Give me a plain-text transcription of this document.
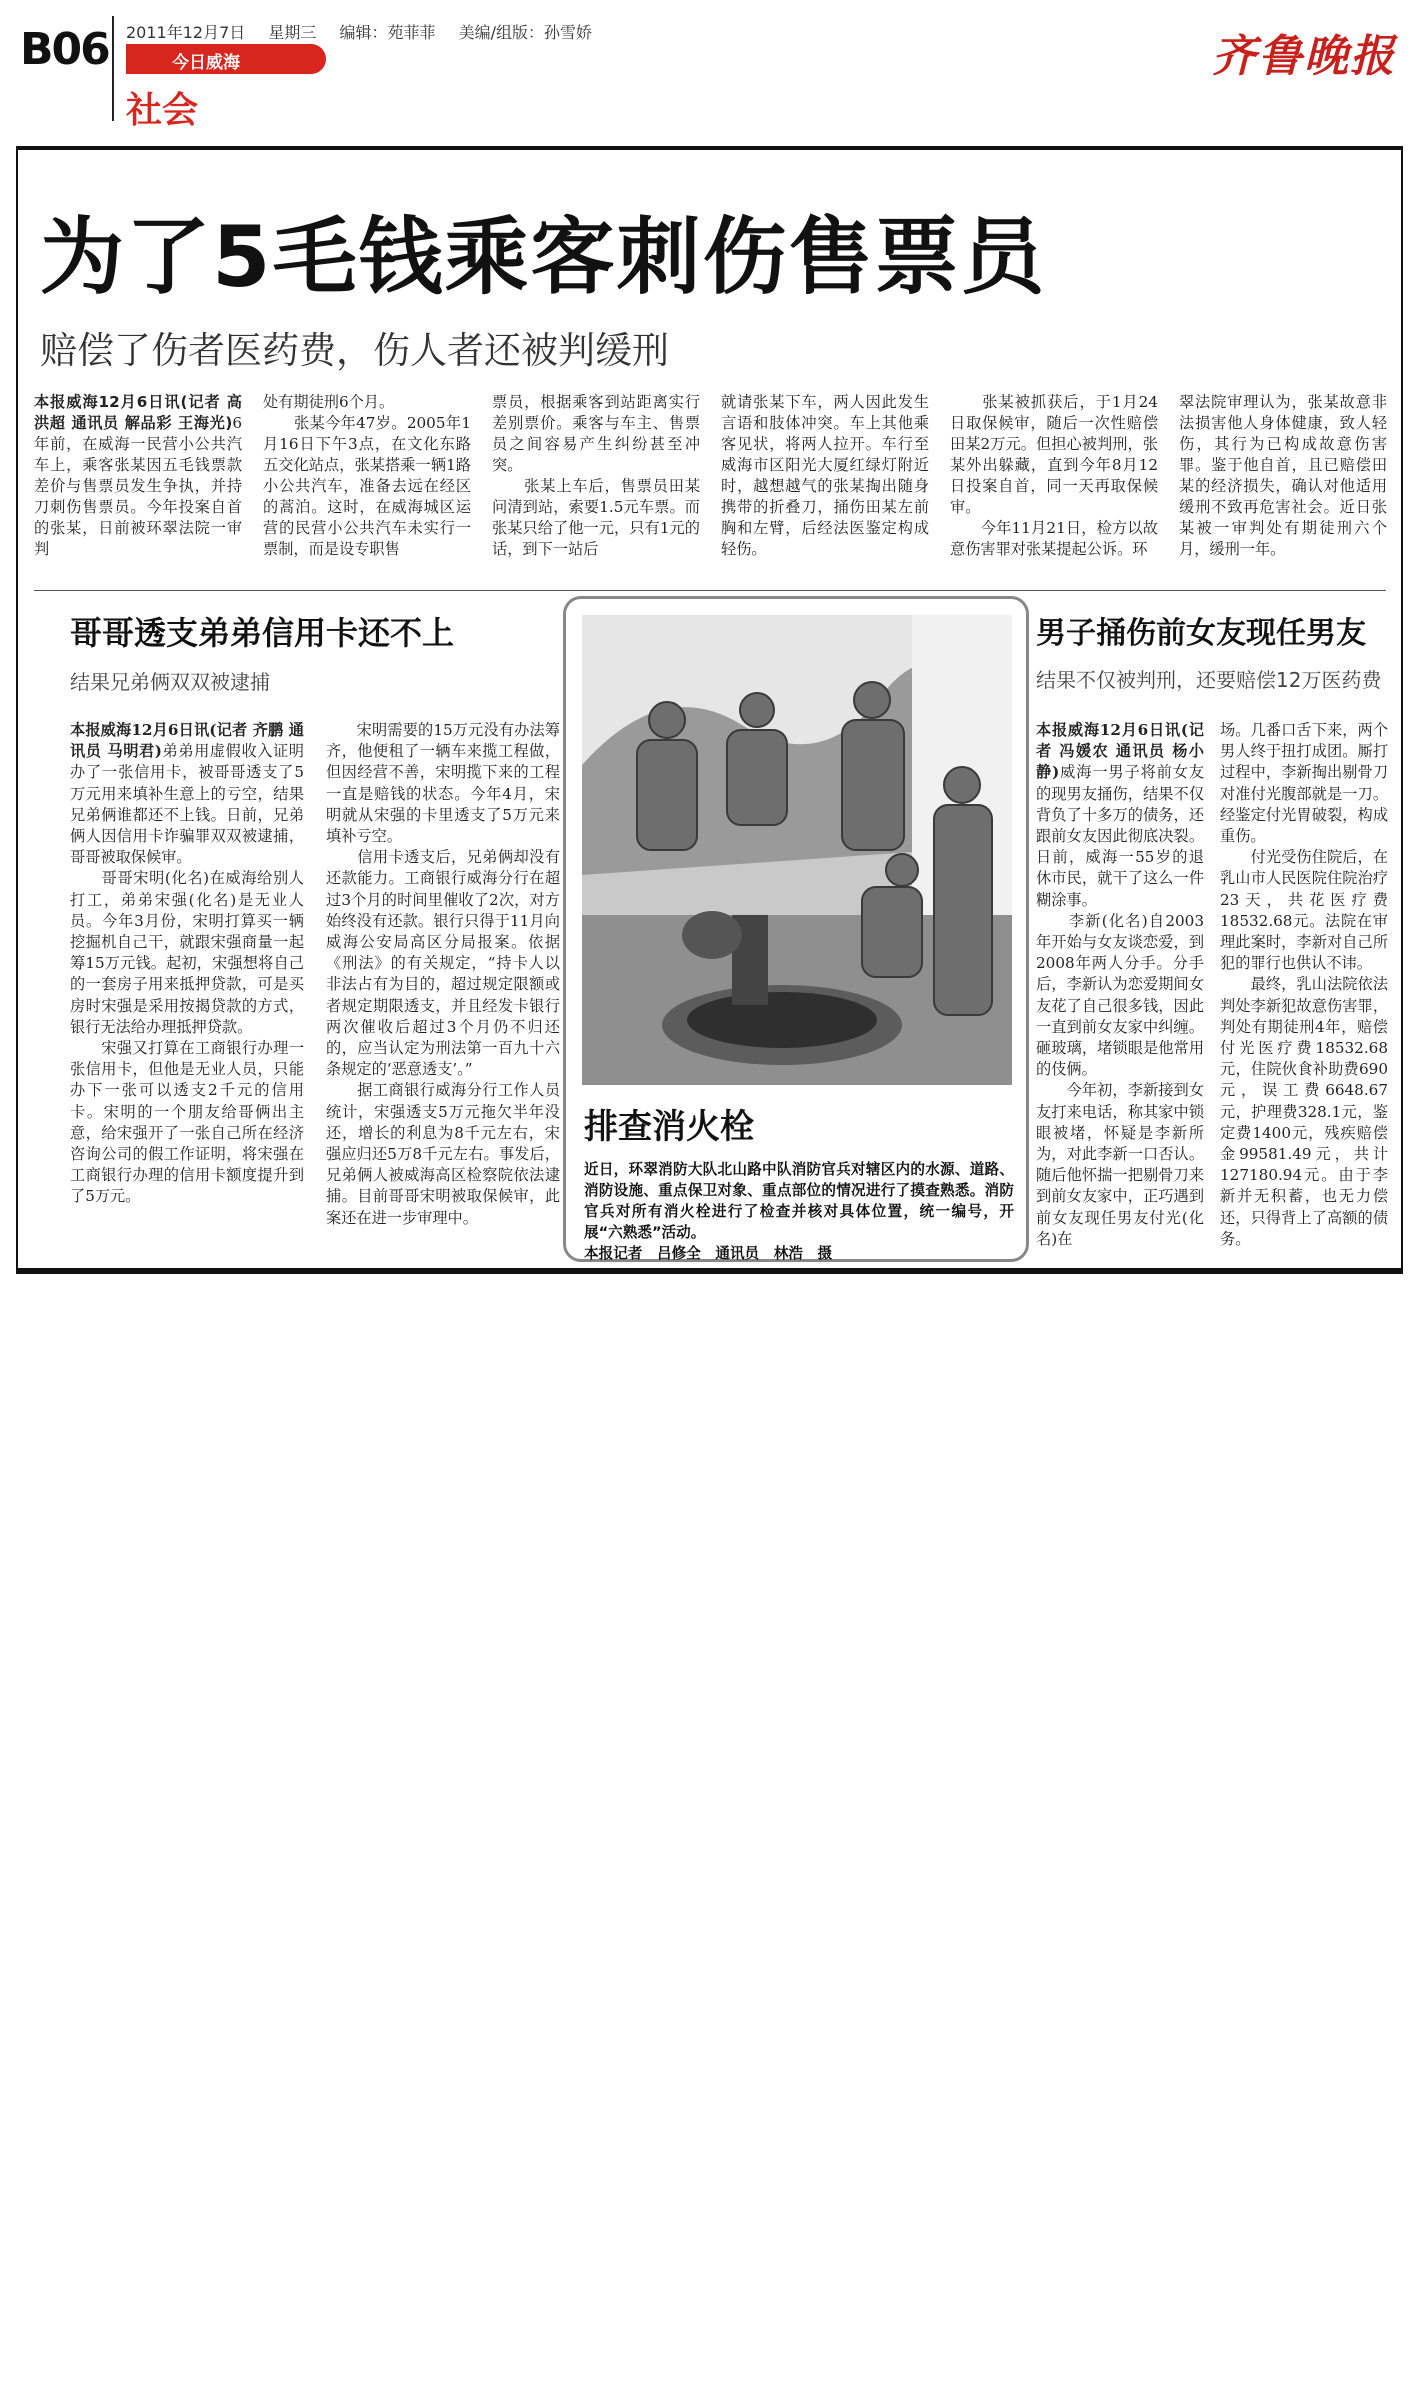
B06 2011年12月7日 星期三 编辑：苑菲菲 美编/组版：孙雪娇
今日威海
社会
齐鲁晚报
为了5毛钱乘客刺伤售票员
赔偿了伤者医药费，伤人者还被判缓刑
本报威海12月6日讯(记者 高洪超 通讯员 解品彩 王海光)6年前，在威海一民营小公共汽车上，乘客张某因五毛钱票款差价与售票员发生争执，并持刀刺伤售票员。今年投案自首的张某，日前被环翠法院一审判
处有期徒刑6个月。
　　张某今年47岁。2005年1月16日下午3点，在文化东路五交化站点，张某搭乘一辆1路小公共汽车，准备去远在经区的蒿泊。这时，在威海城区运营的民营小公共汽车未实行一票制，而是设专职售
票员，根据乘客到站距离实行差别票价。乘客与车主、售票员之间容易产生纠纷甚至冲突。
　　张某上车后，售票员田某问清到站，索要1.5元车票。而张某只给了他一元，只有1元的话，到下一站后
就请张某下车，两人因此发生言语和肢体冲突。车上其他乘客见状，将两人拉开。车行至威海市区阳光大厦红绿灯附近时，越想越气的张某掏出随身携带的折叠刀，捅伤田某左前胸和左臂，后经法医鉴定构成轻伤。
　　张某被抓获后，于1月24日取保候审，随后一次性赔偿田某2万元。但担心被判刑，张某外出躲藏，直到今年8月12日投案自首，同一天再取保候审。
　　今年11月21日，检方以故意伤害罪对张某提起公诉。环
翠法院审理认为，张某故意非法损害他人身体健康，致人轻伤，其行为已构成故意伤害罪。鉴于他自首，且已赔偿田某的经济损失，确认对他适用缓刑不致再危害社会。近日张某被一审判处有期徒刑六个月，缓刑一年。
哥哥透支弟弟信用卡还不上
结果兄弟俩双双被逮捕
本报威海12月6日讯(记者 齐鹏 通讯员 马明君)弟弟用虚假收入证明办了一张信用卡，被哥哥透支了5万元用来填补生意上的亏空，结果兄弟俩谁都还不上钱。日前，兄弟俩人因信用卡诈骗罪双双被逮捕，哥哥被取保候审。
　　哥哥宋明(化名)在威海给别人打工，弟弟宋强(化名)是无业人员。今年3月份，宋明打算买一辆挖掘机自己干，就跟宋强商量一起筹15万元钱。起初，宋强想将自己的一套房子用来抵押贷款，可是买房时宋强是采用按揭贷款的方式，银行无法给办理抵押贷款。
　　宋强又打算在工商银行办理一张信用卡，但他是无业人员，只能办下一张可以透支2千元的信用卡。宋明的一个朋友给哥俩出主意，给宋强开了一张自己所在经济咨询公司的假工作证明，将宋强在工商银行办理的信用卡额度提升到了5万元。
　　宋明需要的15万元没有办法筹齐，他便租了一辆车来揽工程做，但因经营不善，宋明揽下来的工程一直是赔钱的状态。今年4月，宋明就从宋强的卡里透支了5万元来填补亏空。
　　信用卡透支后，兄弟俩却没有还款能力。工商银行威海分行在超过3个月的时间里催收了2次，对方始终没有还款。银行只得于11月向威海公安局高区分局报案。依据《刑法》的有关规定，“持卡人以非法占有为目的，超过规定限额或者规定期限透支，并且经发卡银行两次催收后超过3个月仍不归还的，应当认定为刑法第一百九十六条规定的‘恶意透支’。”
　　据工商银行威海分行工作人员统计，宋强透支5万元拖欠半年没还，增长的利息为8千元左右，宋强应归还5万8千元左右。事发后，兄弟俩人被威海高区检察院依法逮捕。目前哥哥宋明被取保候审，此案还在进一步审理中。
排查消火栓
近日，环翠消防大队北山路中队消防官兵对辖区内的水源、道路、消防设施、重点保卫对象、重点部位的情况进行了摸查熟悉。消防官兵对所有消火栓进行了检查并核对具体位置，统一编号，开展“六熟悉”活动。
本报记者　吕修全　通讯员　林浩　摄
男子捅伤前女友现任男友
结果不仅被判刑，还要赔偿12万医药费
本报威海12月6日讯(记者 冯媛农 通讯员 杨小静)威海一男子将前女友的现男友捅伤，结果不仅背负了十多万的债务，还跟前女友因此彻底决裂。日前，威海一55岁的退休市民，就干了这么一件糊涂事。
　　李新(化名)自2003年开始与女友谈恋爱，到2008年两人分手。分手后，李新认为恋爱期间女友花了自己很多钱，因此一直到前女友家中纠缠。砸玻璃，堵锁眼是他常用的伎俩。
　　今年初，李新接到女友打来电话，称其家中锁眼被堵，怀疑是李新所为，对此李新一口否认。随后他怀揣一把剔骨刀来到前女友家中，正巧遇到前女友现任男友付光(化名)在
场。几番口舌下来，两个男人终于扭打成团。厮打过程中，李新掏出剔骨刀对准付光腹部就是一刀。经鉴定付光胃破裂，构成重伤。
　　付光受伤住院后，在乳山市人民医院住院治疗23天，共花医疗费18532.68元。法院在审理此案时，李新对自己所犯的罪行也供认不讳。
　　最终，乳山法院依法判处李新犯故意伤害罪，判处有期徒刑4年，赔偿付光医疗费18532.68元，住院伙食补助费690元，误工费6648.67元，护理费328.1元，鉴定费1400元，残疾赔偿金99581.49元，共计127180.94元。由于李新并无积蓄，也无力偿还，只得背上了高额的债务。
